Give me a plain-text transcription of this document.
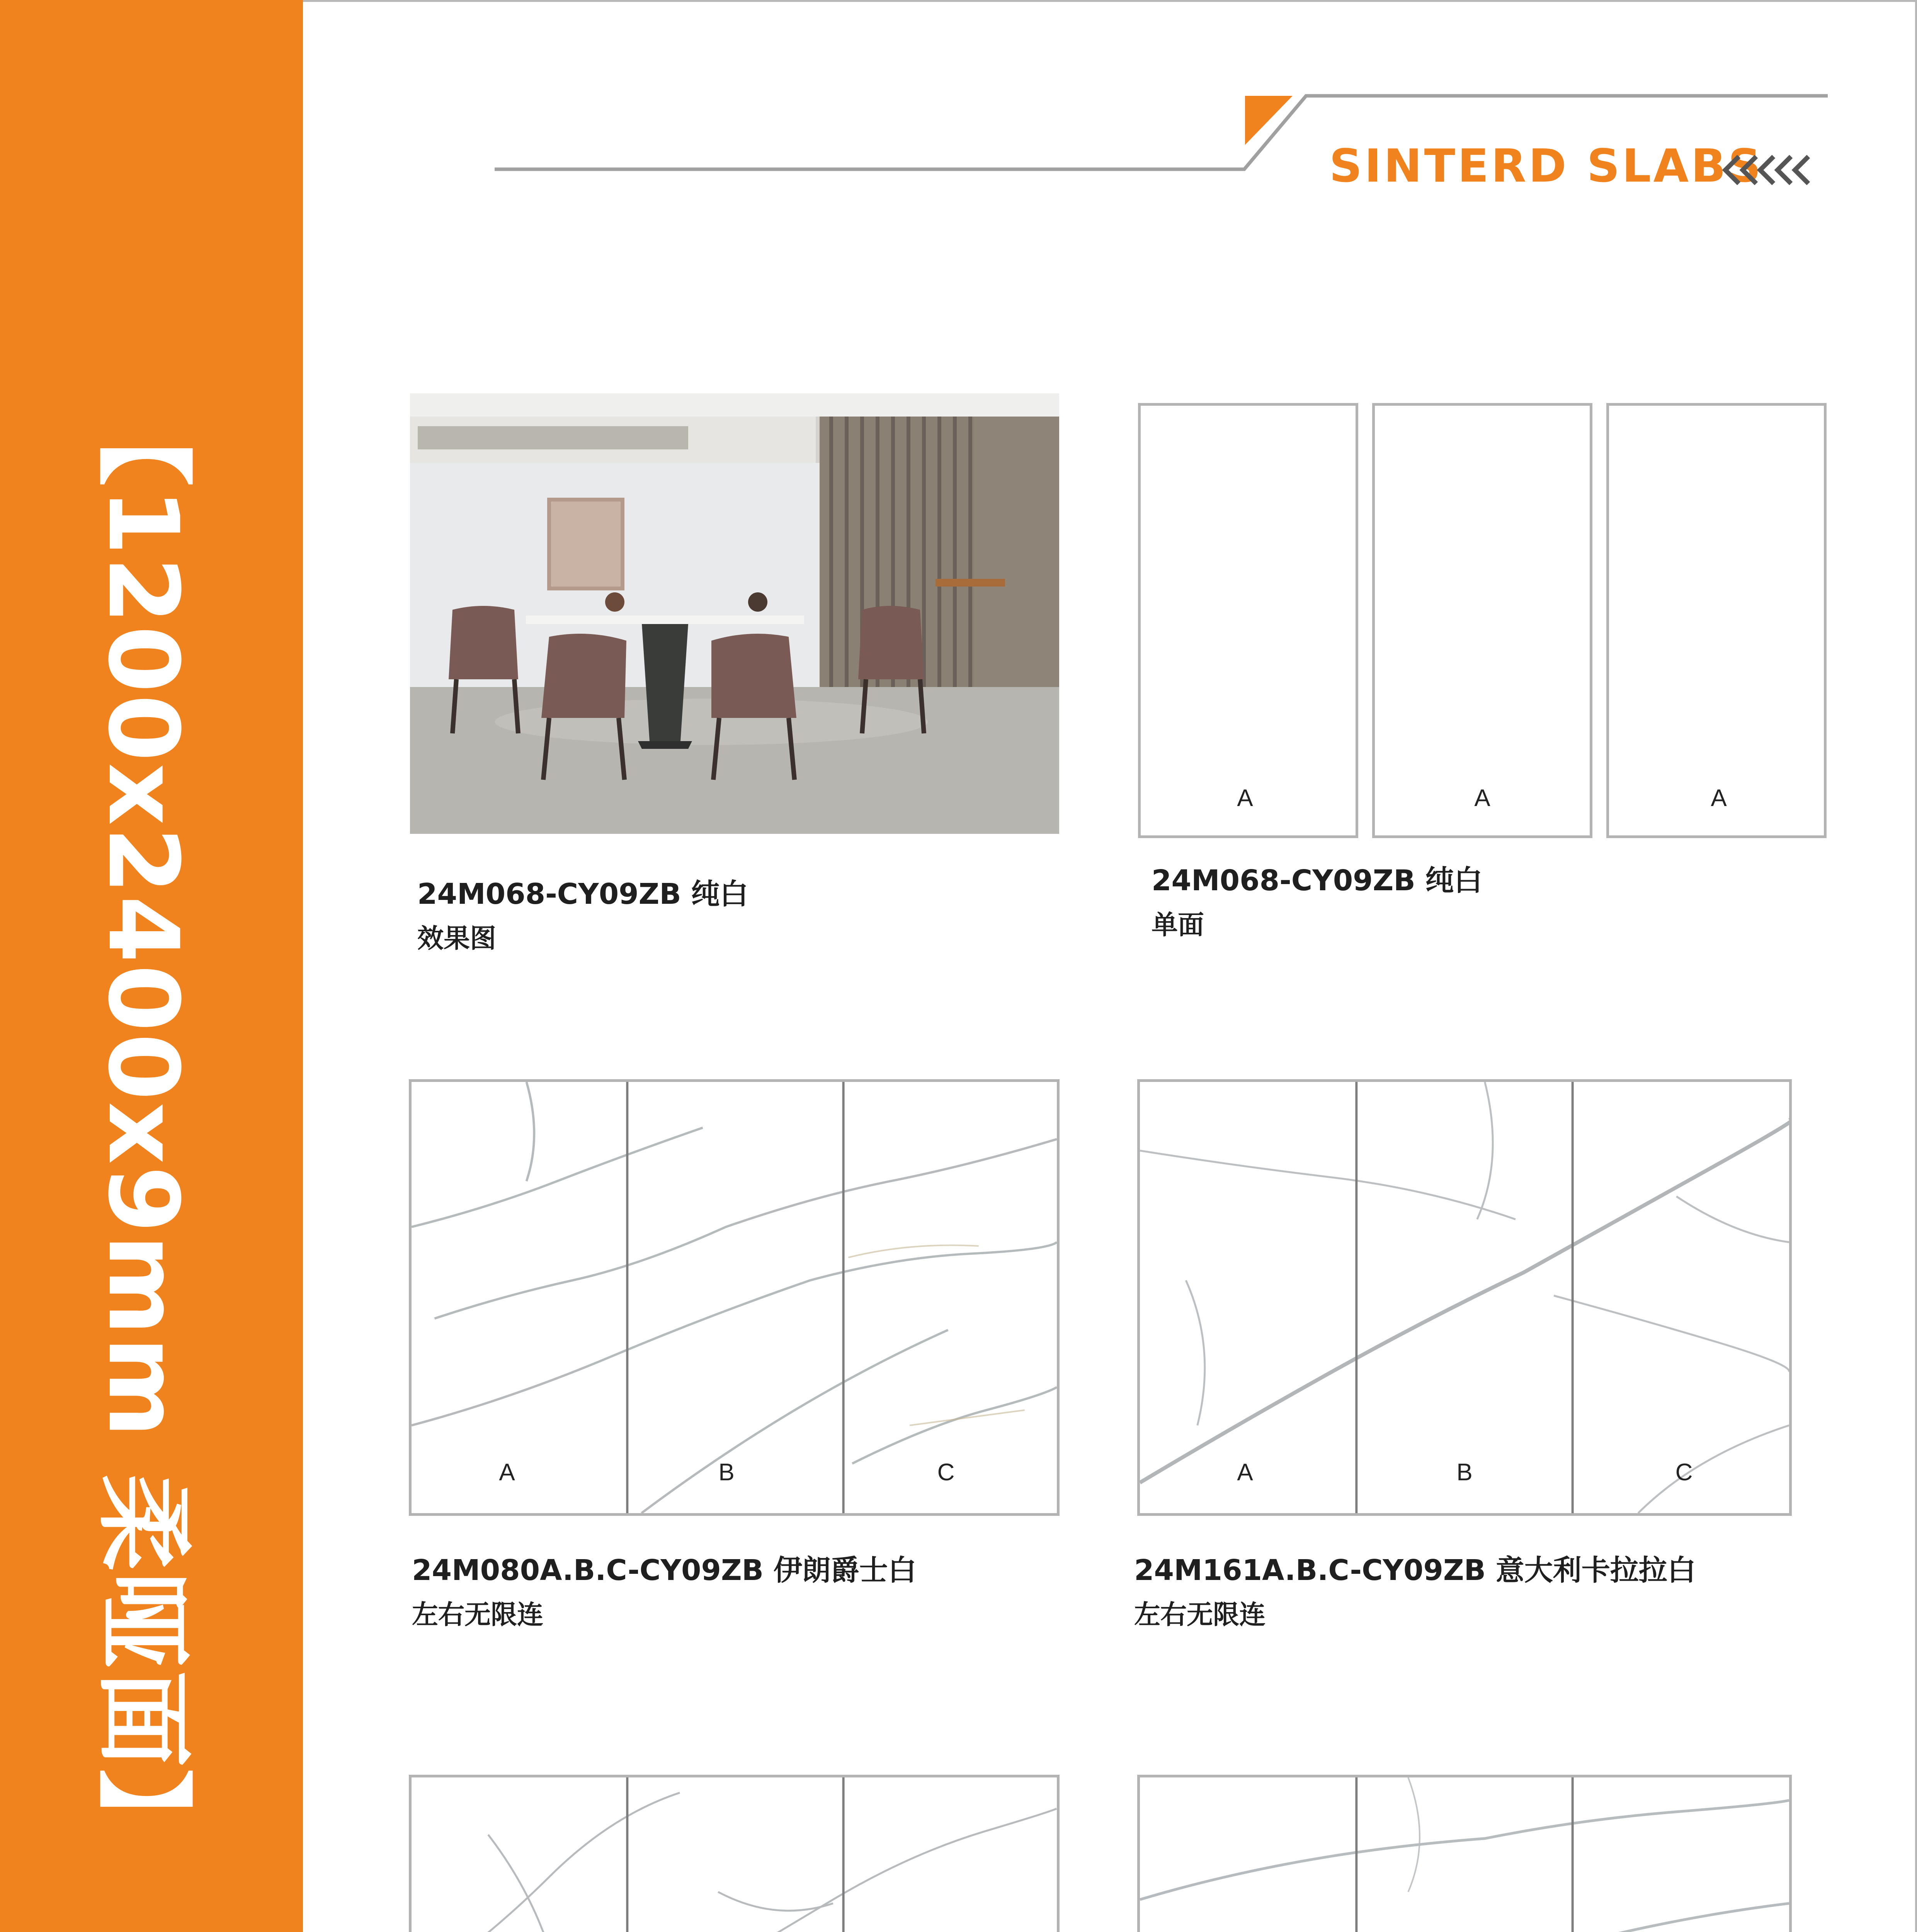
【1200x2400x9mm 柔哑面】
SINTERD SLABS
24M068-CY09ZB 纯白
效果图
A	A	A
24M068-CY09ZB 纯白
单面
A	B	C
24M080A.B.C-CY09ZB 伊朗爵士白
左右无限连
A	B	C
24M161A.B.C-CY09ZB 意大利卡拉拉白
左右无限连
